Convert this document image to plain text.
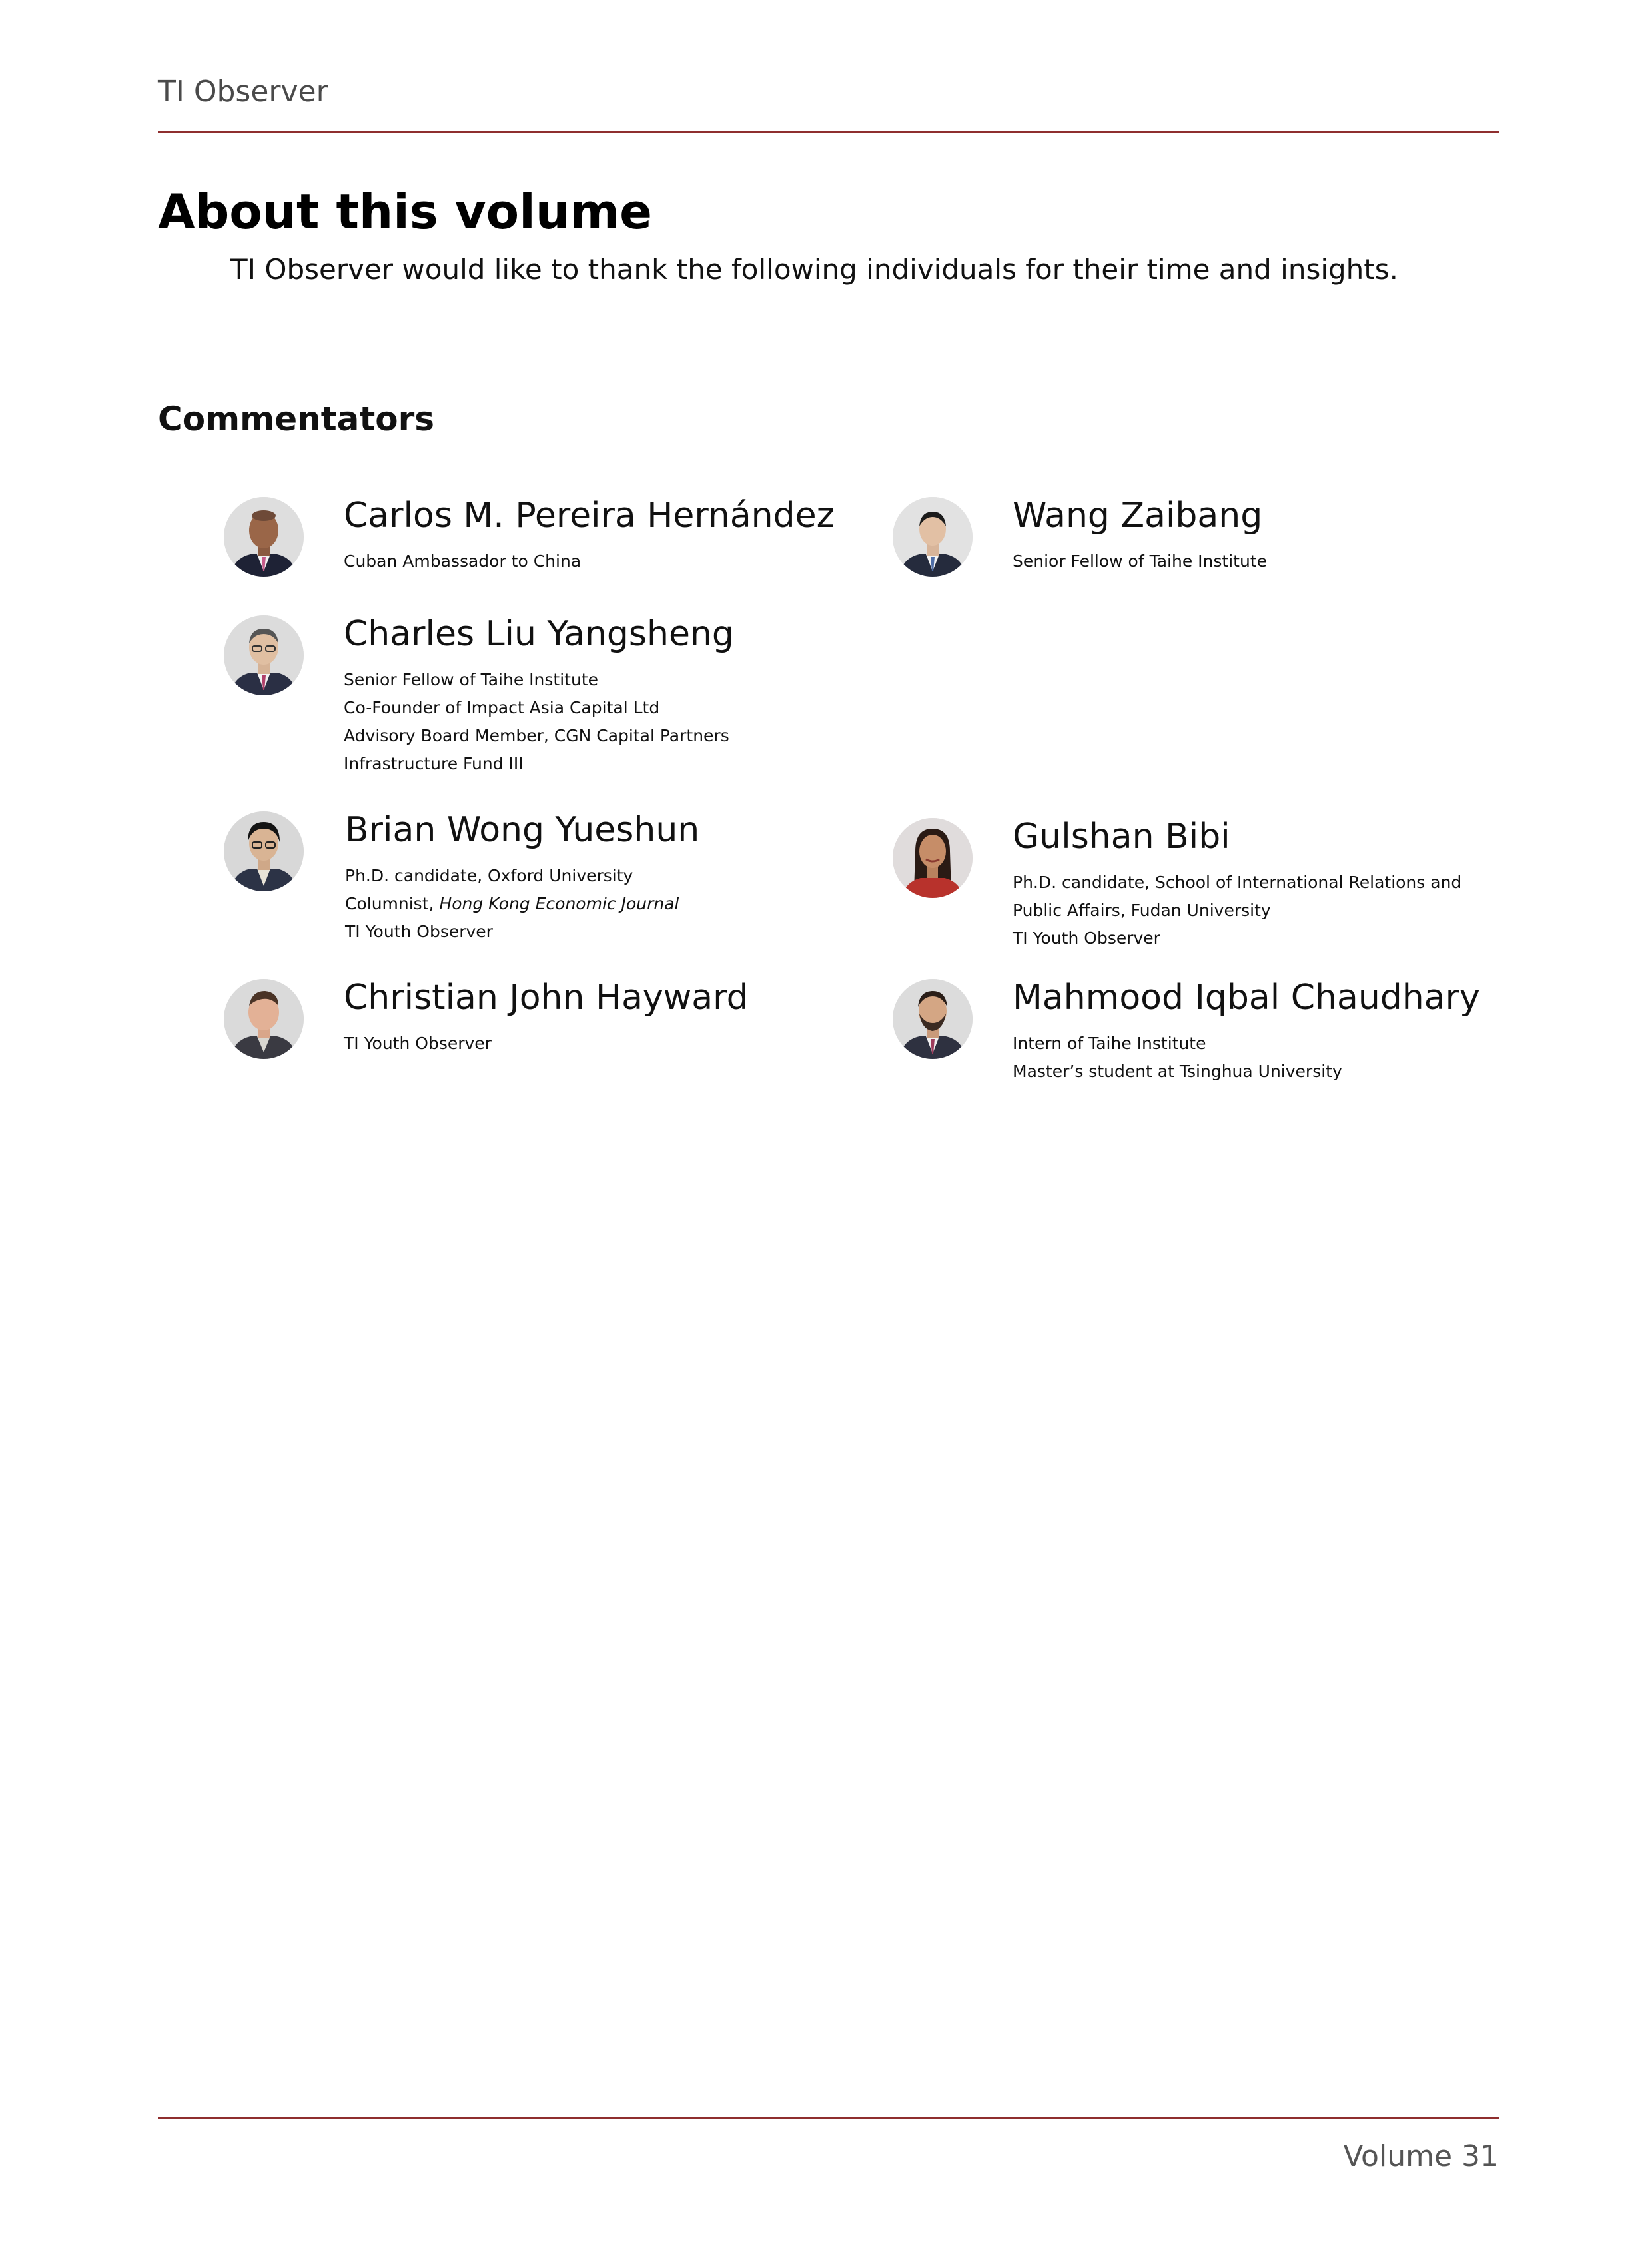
TI Observer
About this volume
TI Observer would like to thank the following individuals for their time and insights.
Commentators
Carlos M. Pereira Hernández
Cuban Ambassador to China
Wang Zaibang
Senior Fellow of Taihe Institute
Charles Liu Yangsheng
Senior Fellow of Taihe Institute
Co-Founder of Impact Asia Capital Ltd
Advisory Board Member, CGN Capital Partners
Infrastructure Fund III
Brian Wong Yueshun
Ph.D. candidate, Oxford University
Columnist, Hong Kong Economic Journal
TI Youth Observer
Gulshan Bibi
Ph.D. candidate, School of International Relations and
Public Affairs, Fudan University
TI Youth Observer
Christian John Hayward
TI Youth Observer
Mahmood Iqbal Chaudhary
Intern of Taihe Institute
Master’s student at Tsinghua University
Volume 31
